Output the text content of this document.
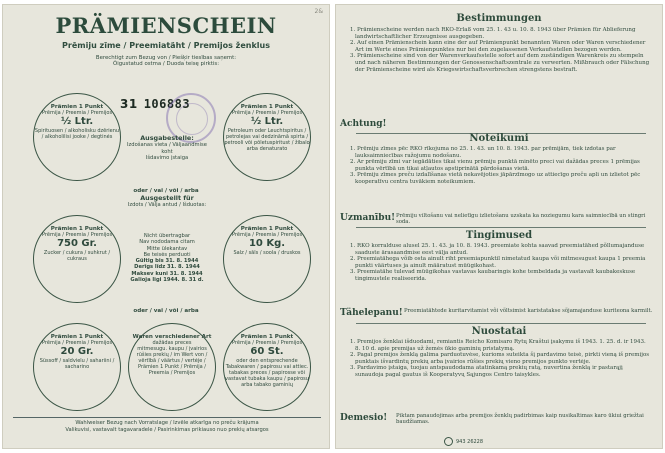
2&
PRÄMIENSCHEIN
Prēmiju zīme / Preemiatäht / Premijos ženklus
Berechtigt zum Bezug von / Piešķir tiesības saņemt:
Õigustatud ostma / Duoda teisę pirktis:
Prämien 1 Punkt
Prēmija / Preemia / Premijos
½ Ltr.
Spirituosen / alkoholisku dzērienu / alkoholilisi jooke / degtinės
Prämien 1 Punkt
Prēmija / Preemia / Premijos
½ Ltr.
Petroleum oder Leuchtspiritus / petrolejas vai dedzināmā spirta / petrooli või põletuspiritust / žibalo arba denaturato
Prämien 1 Punkt
Prēmija / Preemia / Premijos
750 Gr.
Zucker / cukura / suhkrut / cukraus
Prämien 1 Punkt
Prēmija / Preemia / Premijos
10 Kg.
Salz / sāls / soola / druskos
Prämien 1 Punkt
Prēmija / Preemia / Premijos
20 Gr.
Süssoff / saldvielu / sahariini / sacharino
Waren verschiedener Art
dažādas preces
mitmesugu. kaupu / įvairios rūšies prekių / im Wert von / vērtībā / väärtus / vertėje / Prämien 1 Punkt / Prēmija / Preemia / Premijos
Prämien 1 Punkt
Prēmija / Preemia / Premijos
60 St.
oder den entsprechende Tabakwaren / papirosu vai attiec. tabakas preces / papirosse või vastavat tubaka kaupu / papirosų arba tabako gaminių
31 106883
Ausgabestelle:
Izdošanas vieta / Väljaandmise koht
Išdavimo įstaiga
oder / vai / või / arba
Ausgestellt für
Izdots / Välja antud / Išduotas:
Nicht übertragbar
Nav nododama citam
Mitte ülekantav
Be teisės perduoti
Gültig bis 31. 8. 1944
Derīgs līdz 31. 8. 1944
Maksev kuni 31. 8. 1944
Galioja ligi 1944. 8. 31 d.
oder / vai / või / arba
Wahlweiser Bezug nach Vorratslage / Izvēle atkarīga no preču krājuma
Valikuvisi, vastavalt tagavaradele / Pasirinkimas prikiauso nuo prekių atsargos
Bestimmungen
1. Prämienscheine werden nach RKO-Erlaß vom 25. 1. 43 u. 10. 8. 1943 über Prämien für Ablieferung landwirtschaftlicher Erzeugnisse ausgegeben.
2. Auf einen Prämienschein kann eine der auf Prämienpunkt benannten Waren oder Waren verschiedener Art im Werte eines Prämienpunktes nur bei den zugelassenen Verkaufsstellen bezogen werden.
3. Prämienscheine sind von der Warenverkaufsstelle sofort auf dem zuständigen Warenkreis zu stempeln und nach näheren Bestimmungen der Genossenschaftszentrale zu verwerten. Mißbrauch oder Fälschung der Prämienscheine wird als Kriegswirtschaftsverbrechen strengstens bestraft.
Achtung!
Noteikumi
1. Prēmiju zīmes pēc RKO rīkojuma no 25. 1. 43. un 10. 8. 1943. par prēmijām, tiek izdotas par lauksaimniecības ražojumu nodošanu.
2. Ar prēmiju zīmi var iegādāties tikai vienu prēmiju punktā minēto preci vai dažādas preces 1 prēmijas punkta vērtībā un tikai atļautos apstiprinātā pārdošanas vietā.
3. Prēmiju zīmes preču izdalīšanas vietā nekavējoties jāpārzīmogo uz attiecīgo preču apli un izlietot pēc kooperatīvu centra tuvākiem noteikumiem.
Uzmanību! Prēmiju viltošanu vai nelietīgu izlietošanu uzskata ka noziegumu kara saimniecībā un stingri soda.
Tingimused
1. RKO korralduse alusel 25. 1. 43. ja 10. 8. 1943. preemiate kohta saavad preemiatähed põllumajanduse saaduste ärasaandmise eest välja antud.
2. Preemiatähega võib osta ainult riht preemiapunktil nimetatud kaupa või mitmesugust kaupa 1 preemia punkti väärtuses ja ainult määratust müügikohast.
3. Preemiatähe tulevad müügikohas vastavas kaubaringis kohe tembeldada ja vastavalt kaubakeskuse tingimustele realiseerida.
Tähelepanu! Preemiatähtede kuritarvitamist või võltsimist karistatakse sõjamajanduse kuriteona karmilt.
Nuostatai
1. Premijos ženklai išduodami, remiantis Reicho Komisaro Rytų Kraštui įsakymu iš 1943. 1. 25. d. ir 1943. 8. 10 d. apie premijas už žemės ūkio gaminių pristatymą.
2. Pagal premijos ženklą galima parduotuvėse, kurioms suteikta šį pardavimo teisė, pirkti vieną iš premijos punktais išvardintų prekių arba įvairios rūšies prekių vieno premijos punkto vertėje.
3. Pardavimo įstaiga, tuojau antspaudodama atatinkamą prekių ratą, nuvertina ženklą ir pastarąjį sunaudoja pagal gautus iš Kooperatyvų Sąjungos Centro taisykles.
Demesio! Piktam panaudojimas arba premijos ženklų padirbimas kaip nusikaltimas karo ūkiui griežtai baudžiamas.
943 26228
